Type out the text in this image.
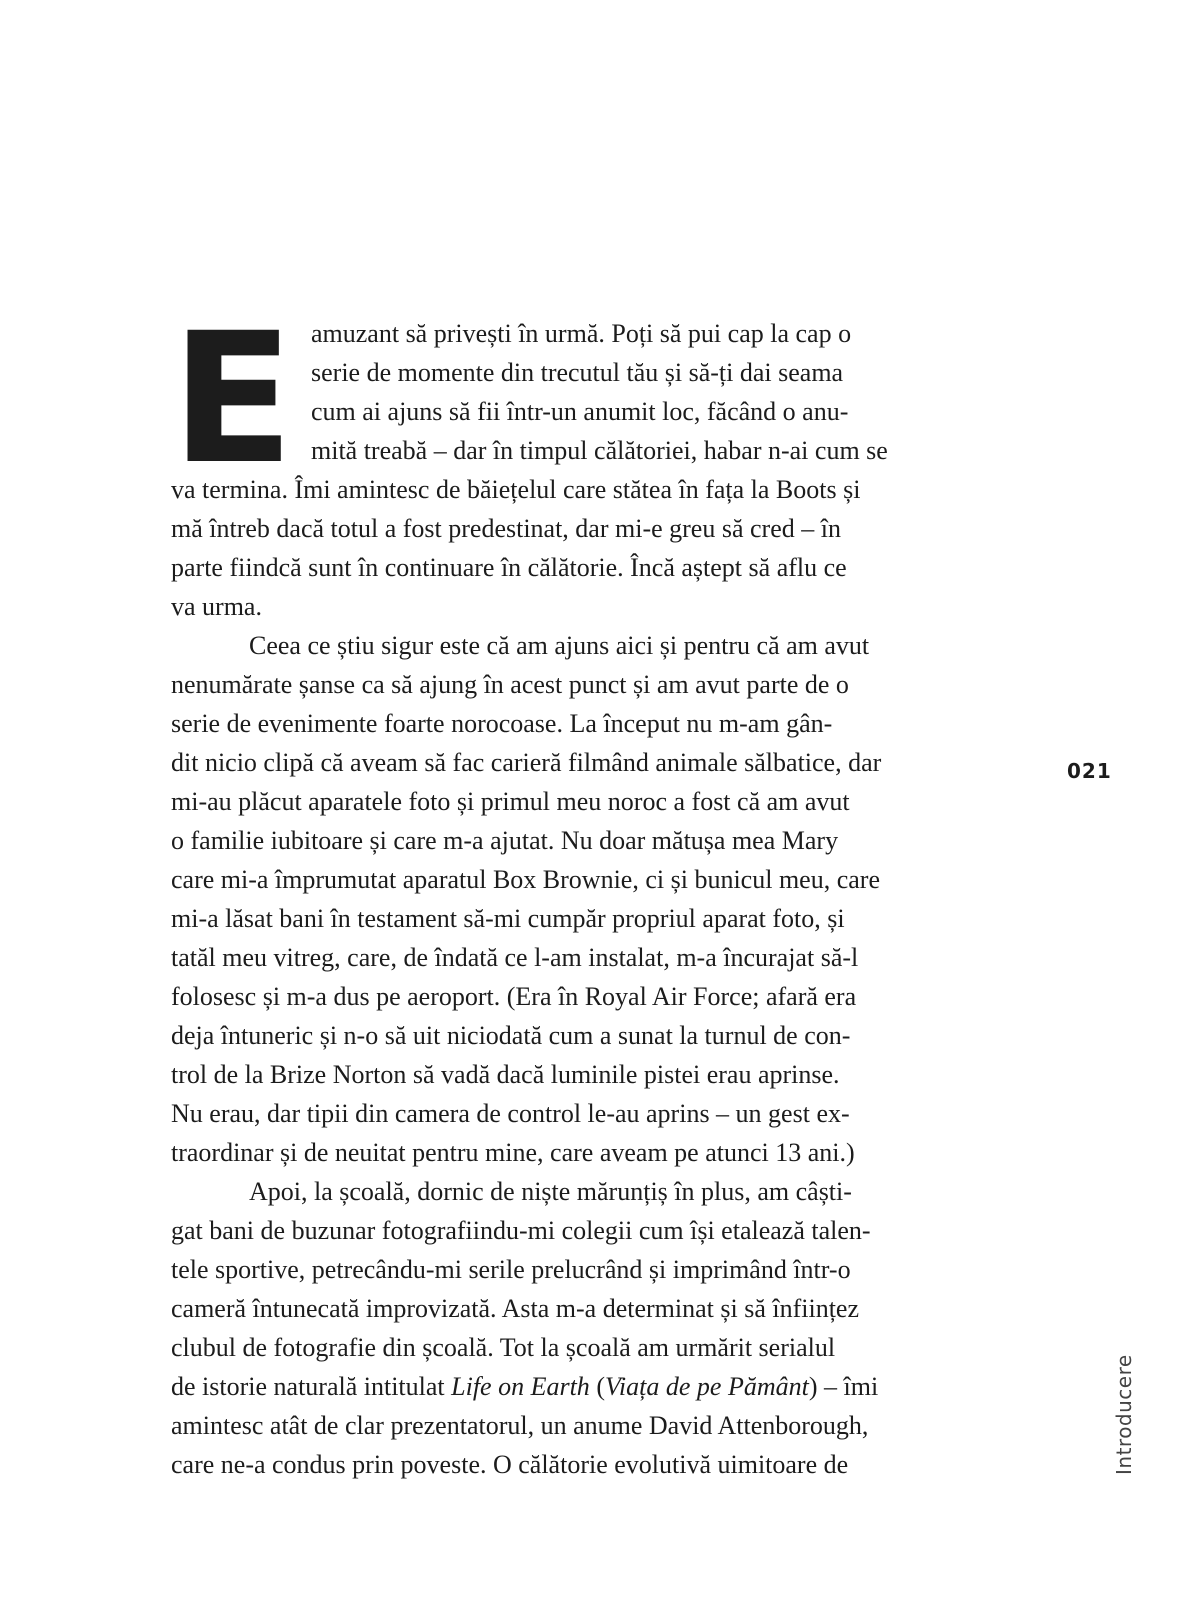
E amuzant să privești în urmă. Poți să pui cap la cap o
serie de momente din trecutul tău și să-ți dai seama
cum ai ajuns să fii într-un anumit loc, făcând o anu-
mită treabă – dar în timpul călătoriei, habar n-ai cum se
va termina. Îmi amintesc de băiețelul care stătea în fața la Boots și
mă întreb dacă totul a fost predestinat, dar mi-e greu să cred – în
parte fiindcă sunt în continuare în călătorie. Încă aștept să aflu ce
va urma.
Ceea ce știu sigur este că am ajuns aici și pentru că am avut
nenumărate șanse ca să ajung în acest punct și am avut parte de o
serie de evenimente foarte norocoase. La început nu m-am gân-
dit nicio clipă că aveam să fac carieră filmând animale sălbatice, dar
mi-au plăcut aparatele foto și primul meu noroc a fost că am avut
o familie iubitoare și care m-a ajutat. Nu doar mătușa mea Mary
care mi-a împrumutat aparatul Box Brownie, ci și bunicul meu, care
mi-a lăsat bani în testament să-mi cumpăr propriul aparat foto, și
tatăl meu vitreg, care, de îndată ce l-am instalat, m-a încurajat să-l
folosesc și m-a dus pe aeroport. (Era în Royal Air Force; afară era
deja întuneric și n-o să uit niciodată cum a sunat la turnul de con-
trol de la Brize Norton să vadă dacă luminile pistei erau aprinse.
Nu erau, dar tipii din camera de control le-au aprins – un gest ex-
traordinar și de neuitat pentru mine, care aveam pe atunci 13 ani.)
Apoi, la școală, dornic de niște mărunțiș în plus, am câști-
gat bani de buzunar fotografiindu-mi colegii cum își etalează talen-
tele sportive, petrecându-mi serile prelucrând și imprimând într-o
cameră întunecată improvizată. Asta m-a determinat și să înființez
clubul de fotografie din școală. Tot la școală am urmărit serialul
de istorie naturală intitulat Life on Earth (Viața de pe Pământ) – îmi
amintesc atât de clar prezentatorul, un anume David Attenborough,
care ne-a condus prin poveste. O călătorie evolutivă uimitoare de
021
Introducere
